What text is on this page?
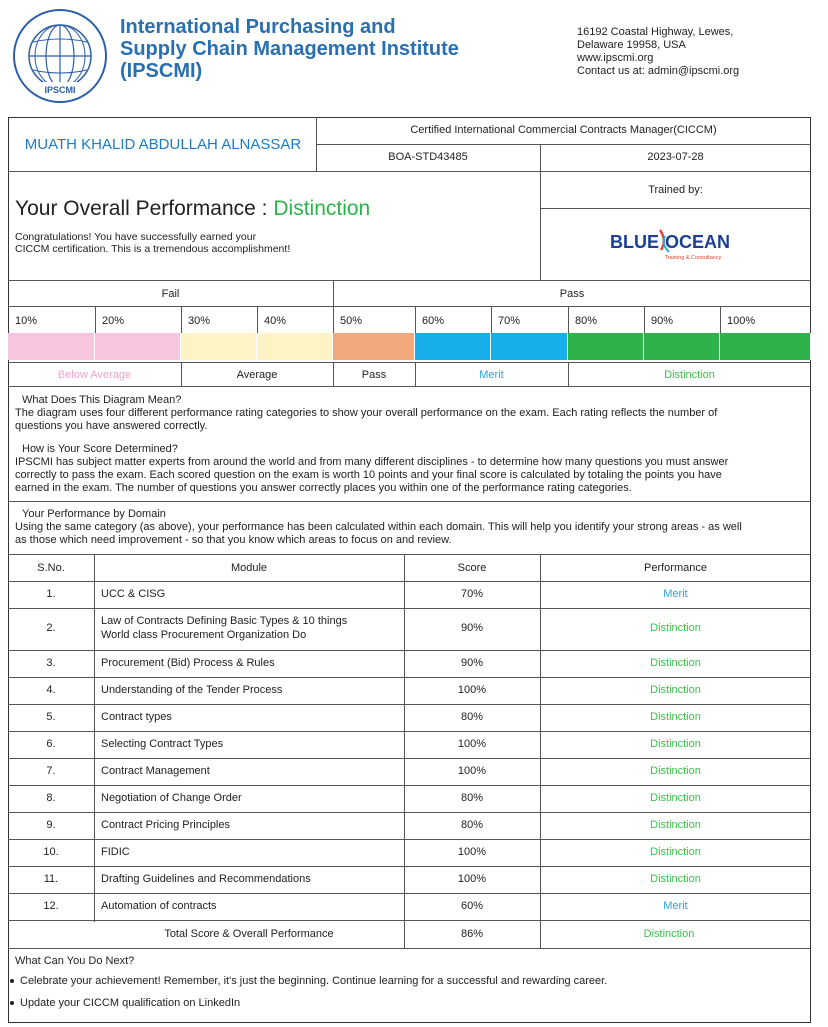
IPSCMI
International Purchasing and
Supply Chain Management Institute
(IPSCMI)
16192 Coastal Highway, Lewes,
Delaware 19958, USA
www.ipscmi.org
Contact us at: admin@ipscmi.org
MUATH KHALID ABDULLAH ALNASSAR
Certified International Commercial Contracts Manager(CICCM)
BOA-STD43485	2023-07-28
Your Overall Performance : Distinction
Congratulations! You have successfully earned your
CICCM certification. This is a tremendous accomplishment!
Trained by:
BLUE OCEAN
Training & Consultancy
Fail	Pass
10%	20%	30%	40%	50%	60%	70%	80%	90%	100%
Below Average	Average	Pass	Merit	Distinction
What Does This Diagram Mean?
The diagram uses four different performance rating categories to show your overall performance on the exam. Each rating reflects the number of
questions you have answered correctly.
How is Your Score Determined?
IPSCMI has subject matter experts from around the world and from many different disciplines - to determine how many questions you must answer
correctly to pass the exam. Each scored question on the exam is worth 10 points and your final score is calculated by totaling the points you have
earned in the exam. The number of questions you answer correctly places you within one of the performance rating categories.
Your Performance by Domain
Using the same category (as above), your performance has been calculated within each domain. This will help you identify your strong areas - as well
as those which need improvement - so that you know which areas to focus on and review.
S.No.	Module	Score	Performance
1.	UCC & CISG	70%	Merit
2.
Law of Contracts Defining Basic Types & 10 things
World class Procurement Organization Do
90%	Distinction
3.	Procurement (Bid) Process & Rules	90%	Distinction
4.	Understanding of the Tender Process	100%	Distinction
5.	Contract types	80%	Distinction
6.	Selecting Contract Types	100%	Distinction
7.	Contract Management	100%	Distinction
8.	Negotiation of Change Order	80%	Distinction
9.	Contract Pricing Principles	80%	Distinction
10.	FIDIC	100%	Distinction
11.	Drafting Guidelines and Recommendations	100%	Distinction
12.	Automation of contracts	60%	Merit
Total Score & Overall Performance	86%	Distinction
What Can You Do Next?
Celebrate your achievement! Remember, it's just the beginning. Continue learning for a successful and rewarding career.
Update your CICCM qualification on LinkedIn
